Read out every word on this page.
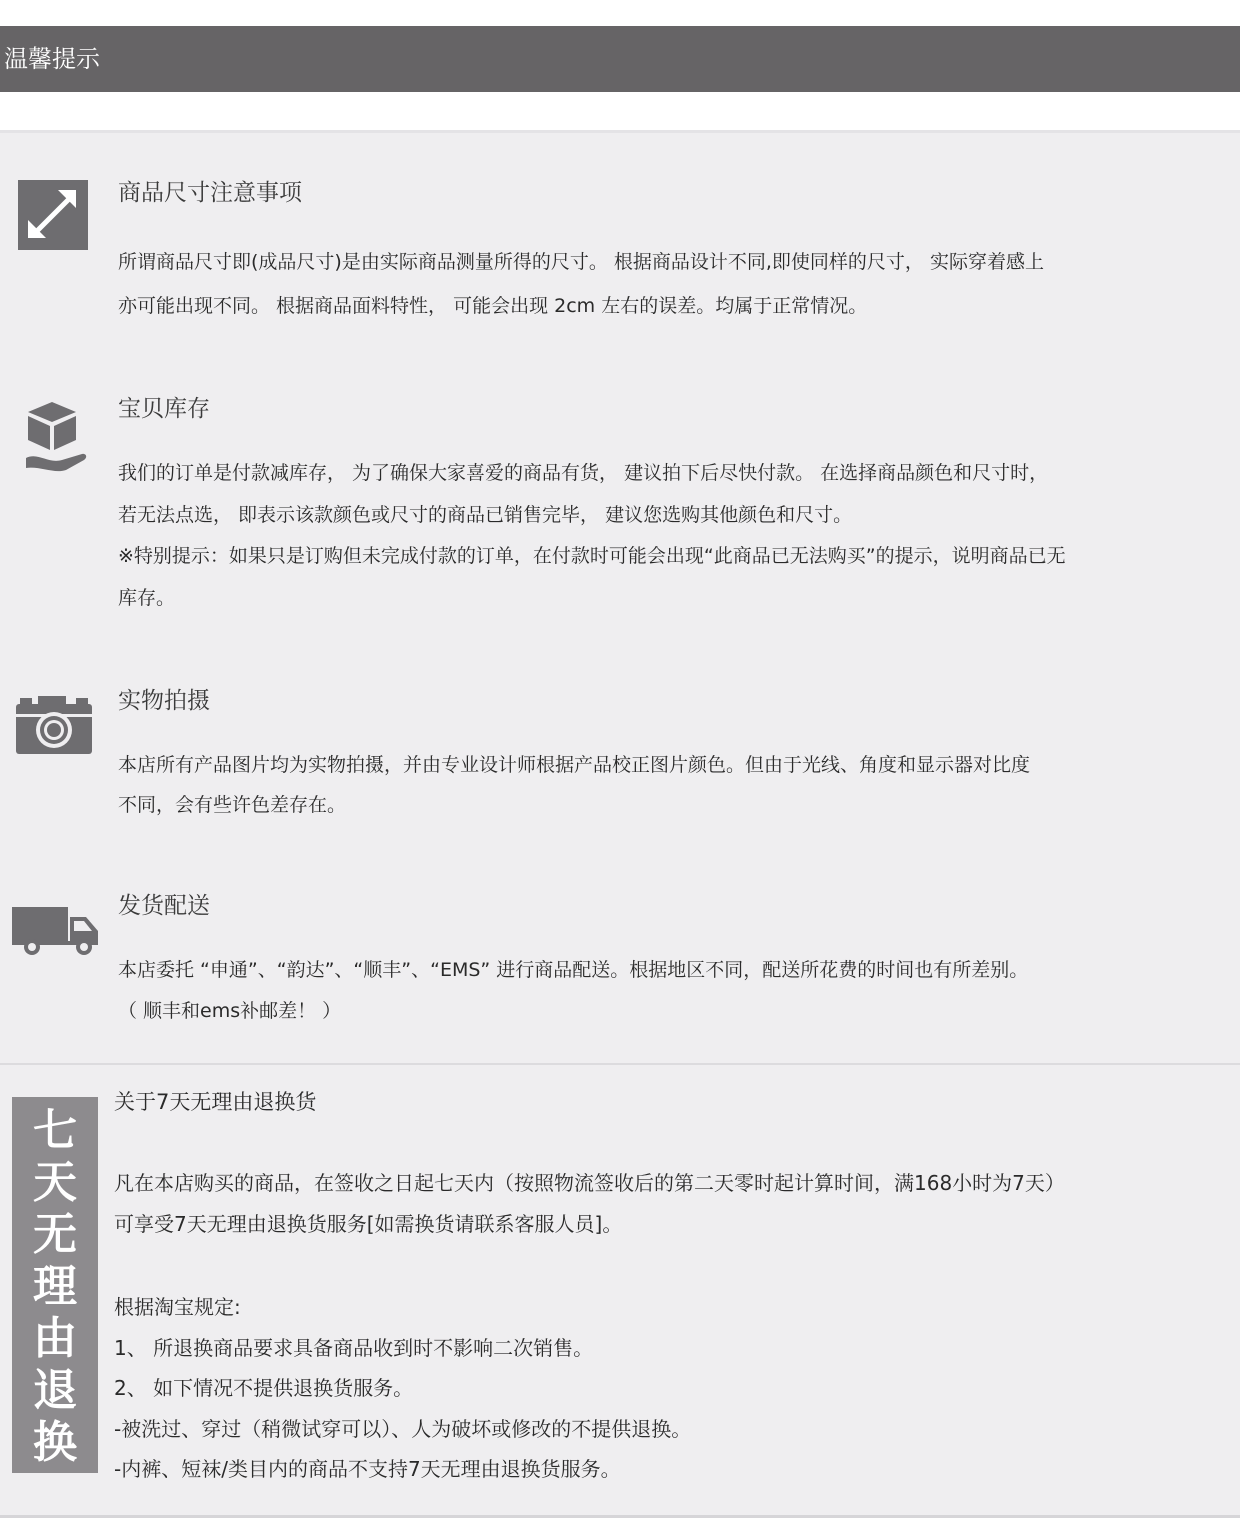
温馨提示
商品尺寸注意事项
所谓商品尺寸即(成品尺寸)是由实际商品测量所得的尺寸。 根据商品设计不同,即使同样的尺寸， 实际穿着感上
亦可能出现不同。 根据商品面料特性， 可能会出现 2cm 左右的误差。均属于正常情况。
宝贝库存
我们的订单是付款减库存， 为了确保大家喜爱的商品有货， 建议拍下后尽快付款。 在选择商品颜色和尺寸时，
若无法点选， 即表示该款颜色或尺寸的商品已销售完毕， 建议您选购其他颜色和尺寸。
※特别提示：如果只是订购但未完成付款的订单，在付款时可能会出现“此商品已无法购买”的提示，说明商品已无
库存。
实物拍摄
本店所有产品图片均为实物拍摄，并由专业设计师根据产品校正图片颜色。但由于光线、角度和显示器对比度
不同，会有些许色差存在。
发货配送
本店委托 “申通”、“韵达”、“顺丰”、“EMS” 进行商品配送。根据地区不同，配送所花费的时间也有所差别。
（ 顺丰和ems补邮差！ ）
七
天
无
理
由
退
换
关于7天无理由退换货
凡在本店购买的商品，在签收之日起七天内（按照物流签收后的第二天零时起计算时间，满168小时为7天）
可享受7天无理由退换货服务[如需换货请联系客服人员]。
根据淘宝规定:
1、 所退换商品要求具备商品收到时不影响二次销售。
2、 如下情况不提供退换货服务。
-被洗过、穿过（稍微试穿可以）、人为破坏或修改的不提供退换。
-内裤、短袜/类目内的商品不支持7天无理由退换货服务。
